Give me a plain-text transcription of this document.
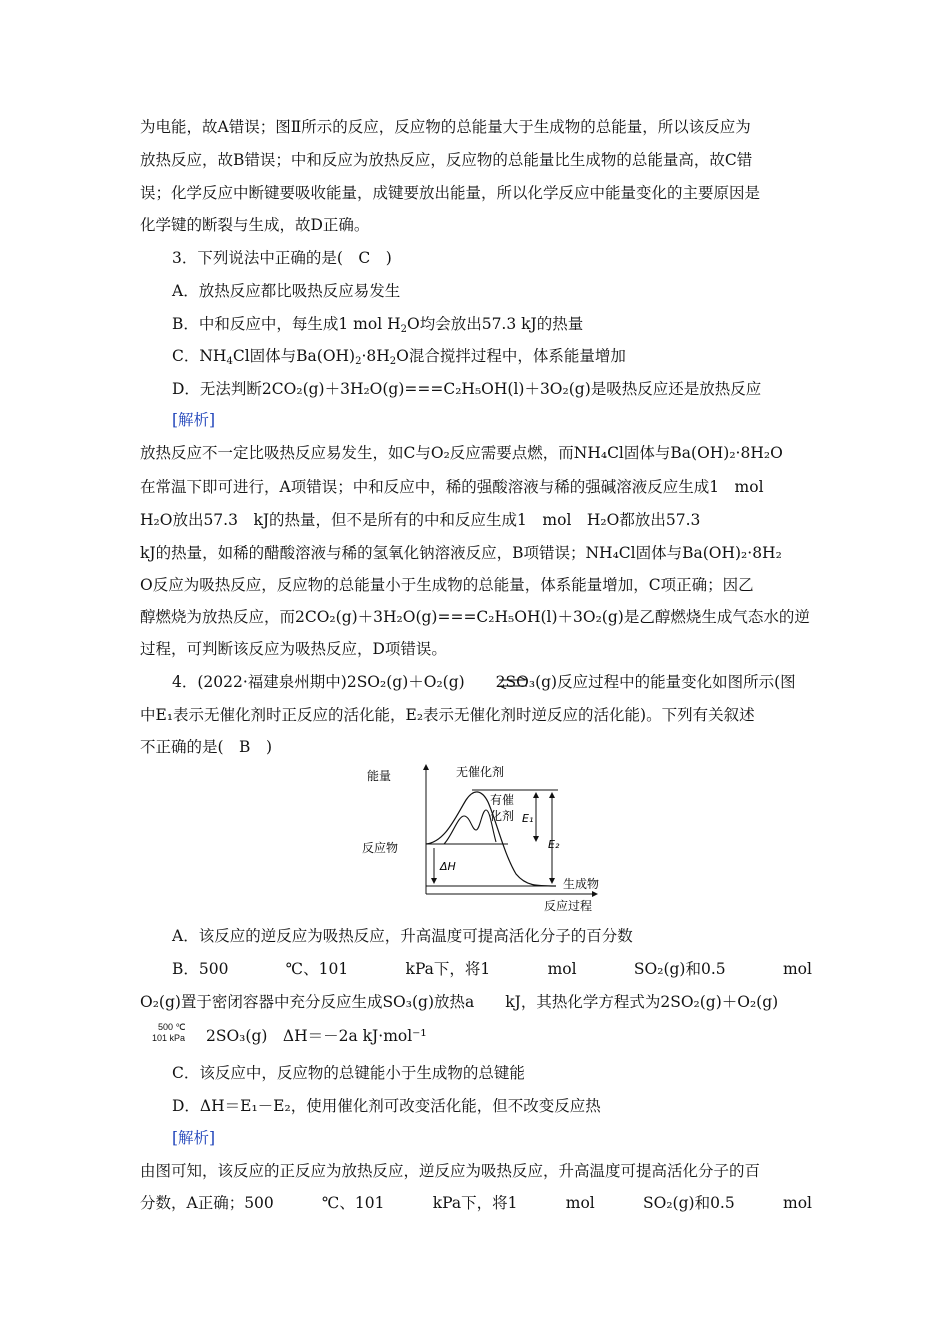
为电能，故A错误；图Ⅱ所示的反应，反应物的总能量大于生成物的总能量，所以该反应为
放热反应，故B错误；中和反应为放热反应，反应物的总能量比生成物的总能量高，故C错
误；化学反应中断键要吸收能量，成键要放出能量，所以化学反应中能量变化的主要原因是
化学键的断裂与生成，故D正确。
3．下列说法中正确的是(　C　)
A．放热反应都比吸热反应易发生
B．中和反应中，每生成1 mol $H_2O$均会放出57.3 kJ的热量
C．$NH_4Cl$固体与$Ba(OH)_2\cdot 8H_2O$混合搅拌过程中，体系能量增加
D．无法判断2CO₂(g)＋3H₂O(g)===C₂H₅OH(l)＋3O₂(g)是吸热反应还是放热反应
[解析]
放热反应不一定比吸热反应易发生，如C与O₂反应需要点燃，而NH₄Cl固体与Ba(OH)₂·8H₂O
在常温下即可进行，A项错误；中和反应中，稀的强酸溶液与稀的强碱溶液反应生成1　mol
H₂O放出57.3　kJ的热量，但不是所有的中和反应生成1　mol　H₂O都放出57.3
kJ的热量，如稀的醋酸溶液与稀的氢氧化钠溶液反应，B项错误；NH₄Cl固体与Ba(OH)₂·8H₂
O反应为吸热反应，反应物的总能量小于生成物的总能量，体系能量增加，C项正确；因乙
醇燃烧为放热反应，而2CO₂(g)＋3H₂O(g)===C₂H₅OH(l)＋3O₂(g)是乙醇燃烧生成气态水的逆
过程，可判断该反应为吸热反应，D项错误。
4．(2022·福建泉州期中)2SO₂(g)＋O₂(g)　　2SO₃(g)反应过程中的能量变化如图所示(图
中E₁表示无催化剂时正反应的活化能，E₂表示无催化剂时逆反应的活化能)。下列有关叙述
不正确的是(　B　)
能量
反应物
生成物
反应过程
无催化剂
有催
化剂 E₁
E₂
ΔH
A．该反应的逆反应为吸热反应，升高温度可提高活化分子的百分数
B．500	℃、101	kPa下，将1	mol	SO₂(g)和0.5	mol
O₂(g)置于密闭容器中充分反应生成SO₃(g)放热a　　kJ，其热化学方程式为2SO₂(g)＋O₂(g)
500 ℃
101 kPa 2SO₃(g)　ΔH＝－2a kJ·mol⁻¹
C．该反应中，反应物的总键能小于生成物的总键能
D．ΔH＝E₁－E₂，使用催化剂可改变活化能，但不改变反应热
[解析]
由图可知，该反应的正反应为放热反应，逆反应为吸热反应，升高温度可提高活化分子的百
分数，A正确；500	℃、101	kPa下，将1	mol	SO₂(g)和0.5	mol
